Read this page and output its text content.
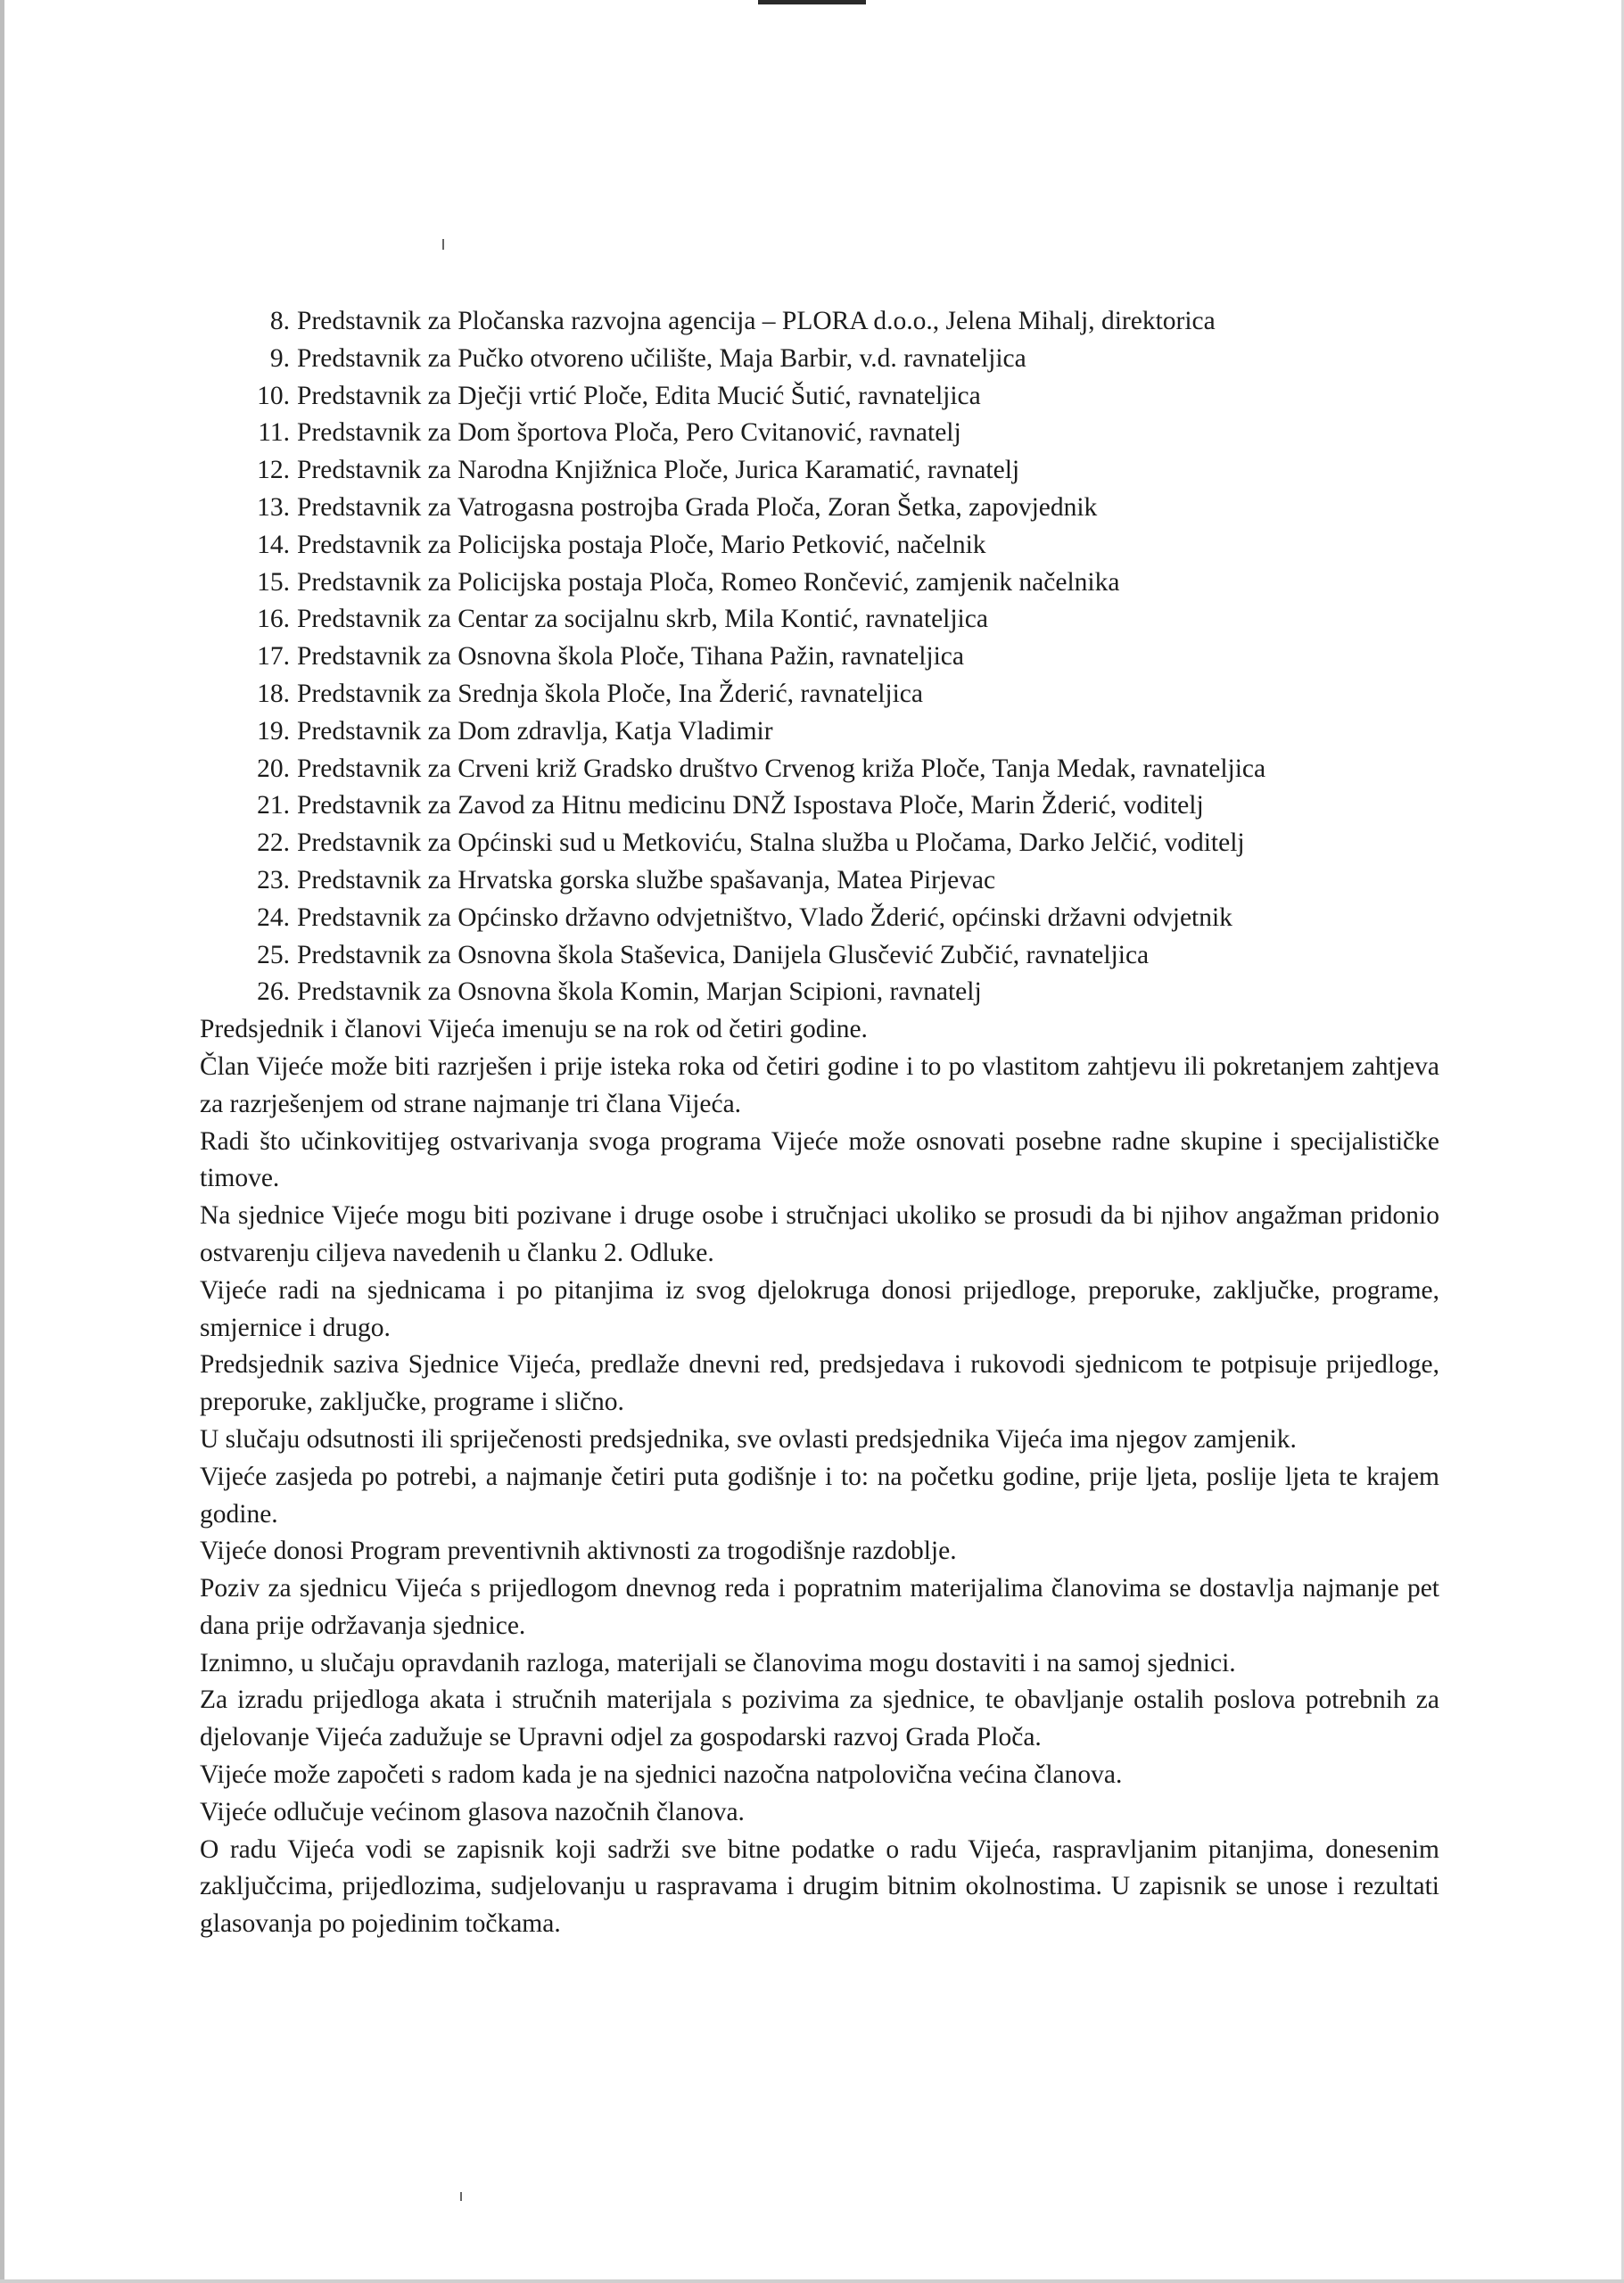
8. Predstavnik za Pločanska razvojna agencija – PLORA d.o.o., Jelena Mihalj, direktorica
9. Predstavnik za Pučko otvoreno učilište, Maja Barbir, v.d. ravnateljica
10. Predstavnik za Dječji vrtić Ploče, Edita Mucić Šutić, ravnateljica
11. Predstavnik za Dom športova Ploča, Pero Cvitanović, ravnatelj
12. Predstavnik za Narodna Knjižnica Ploče, Jurica Karamatić, ravnatelj
13. Predstavnik za Vatrogasna postrojba Grada Ploča, Zoran Šetka, zapovjednik
14. Predstavnik za Policijska postaja Ploče, Mario Petković, načelnik
15. Predstavnik za Policijska postaja Ploča, Romeo Rončević, zamjenik načelnika
16. Predstavnik za Centar za socijalnu skrb, Mila Kontić, ravnateljica
17. Predstavnik za Osnovna škola Ploče, Tihana Pažin, ravnateljica
18. Predstavnik za Srednja škola Ploče, Ina Žderić, ravnateljica
19. Predstavnik za Dom zdravlja, Katja Vladimir
20. Predstavnik za Crveni križ Gradsko društvo Crvenog križa Ploče, Tanja Medak, ravnateljica
21. Predstavnik za Zavod za Hitnu medicinu DNŽ Ispostava Ploče, Marin Žderić, voditelj
22. Predstavnik za Općinski sud u Metkoviću, Stalna služba u Pločama, Darko Jelčić, voditelj
23. Predstavnik za Hrvatska gorska službe spašavanja, Matea Pirjevac
24. Predstavnik za Općinsko državno odvjetništvo, Vlado Žderić, općinski državni odvjetnik
25. Predstavnik za Osnovna škola Staševica, Danijela Glusčević Zubčić, ravnateljica
26. Predstavnik za Osnovna škola Komin, Marjan Scipioni, ravnatelj

Predsjednik i članovi Vijeća imenuju se na rok od četiri godine.

Član Vijeće može biti razrješen i prije isteka roka od četiri godine i to po vlastitom zahtjevu ili pokretanjem zahtjeva za razrješenjem od strane najmanje tri člana Vijeća.

Radi što učinkovitijeg ostvarivanja svoga programa Vijeće može osnovati posebne radne skupine i specijalističke timove.

Na sjednice Vijeće mogu biti pozivane i druge osobe i stručnjaci ukoliko se prosudi da bi njihov angažman pridonio ostvarenju ciljeva navedenih u članku 2. Odluke.

Vijeće radi na sjednicama i po pitanjima iz svog djelokruga donosi prijedloge, preporuke, zaključke, programe, smjernice i drugo.

Predsjednik saziva Sjednice Vijeća, predlaže dnevni red, predsjedava i rukovodi sjednicom te potpisuje prijedloge, preporuke, zaključke, programe i slično.

U slučaju odsutnosti ili spriječenosti predsjednika, sve ovlasti predsjednika Vijeća ima njegov zamjenik.

Vijeće zasjeda po potrebi, a najmanje četiri puta godišnje i to: na početku godine, prije ljeta, poslije ljeta te krajem godine.

Vijeće donosi Program preventivnih aktivnosti za trogodišnje razdoblje.

Poziv za sjednicu Vijeća s prijedlogom dnevnog reda i popratnim materijalima članovima se dostavlja najmanje pet dana prije održavanja sjednice.

Iznimno, u slučaju opravdanih razloga, materijali se članovima mogu dostaviti i na samoj sjednici.

Za izradu prijedloga akata i stručnih materijala s pozivima za sjednice, te obavljanje ostalih poslova potrebnih za djelovanje Vijeća zadužuje se Upravni odjel za gospodarski razvoj Grada Ploča.

Vijeće može započeti s radom kada je na sjednici nazočna natpolovična većina članova.

Vijeće odlučuje većinom glasova nazočnih članova.

O radu Vijeća vodi se zapisnik koji sadrži sve bitne podatke o radu Vijeća, raspravljanim pitanjima, donesenim zaključcima, prijedlozima, sudjelovanju u raspravama i drugim bitnim okolnostima. U zapisnik se unose i rezultati glasovanja po pojedinim točkama.
